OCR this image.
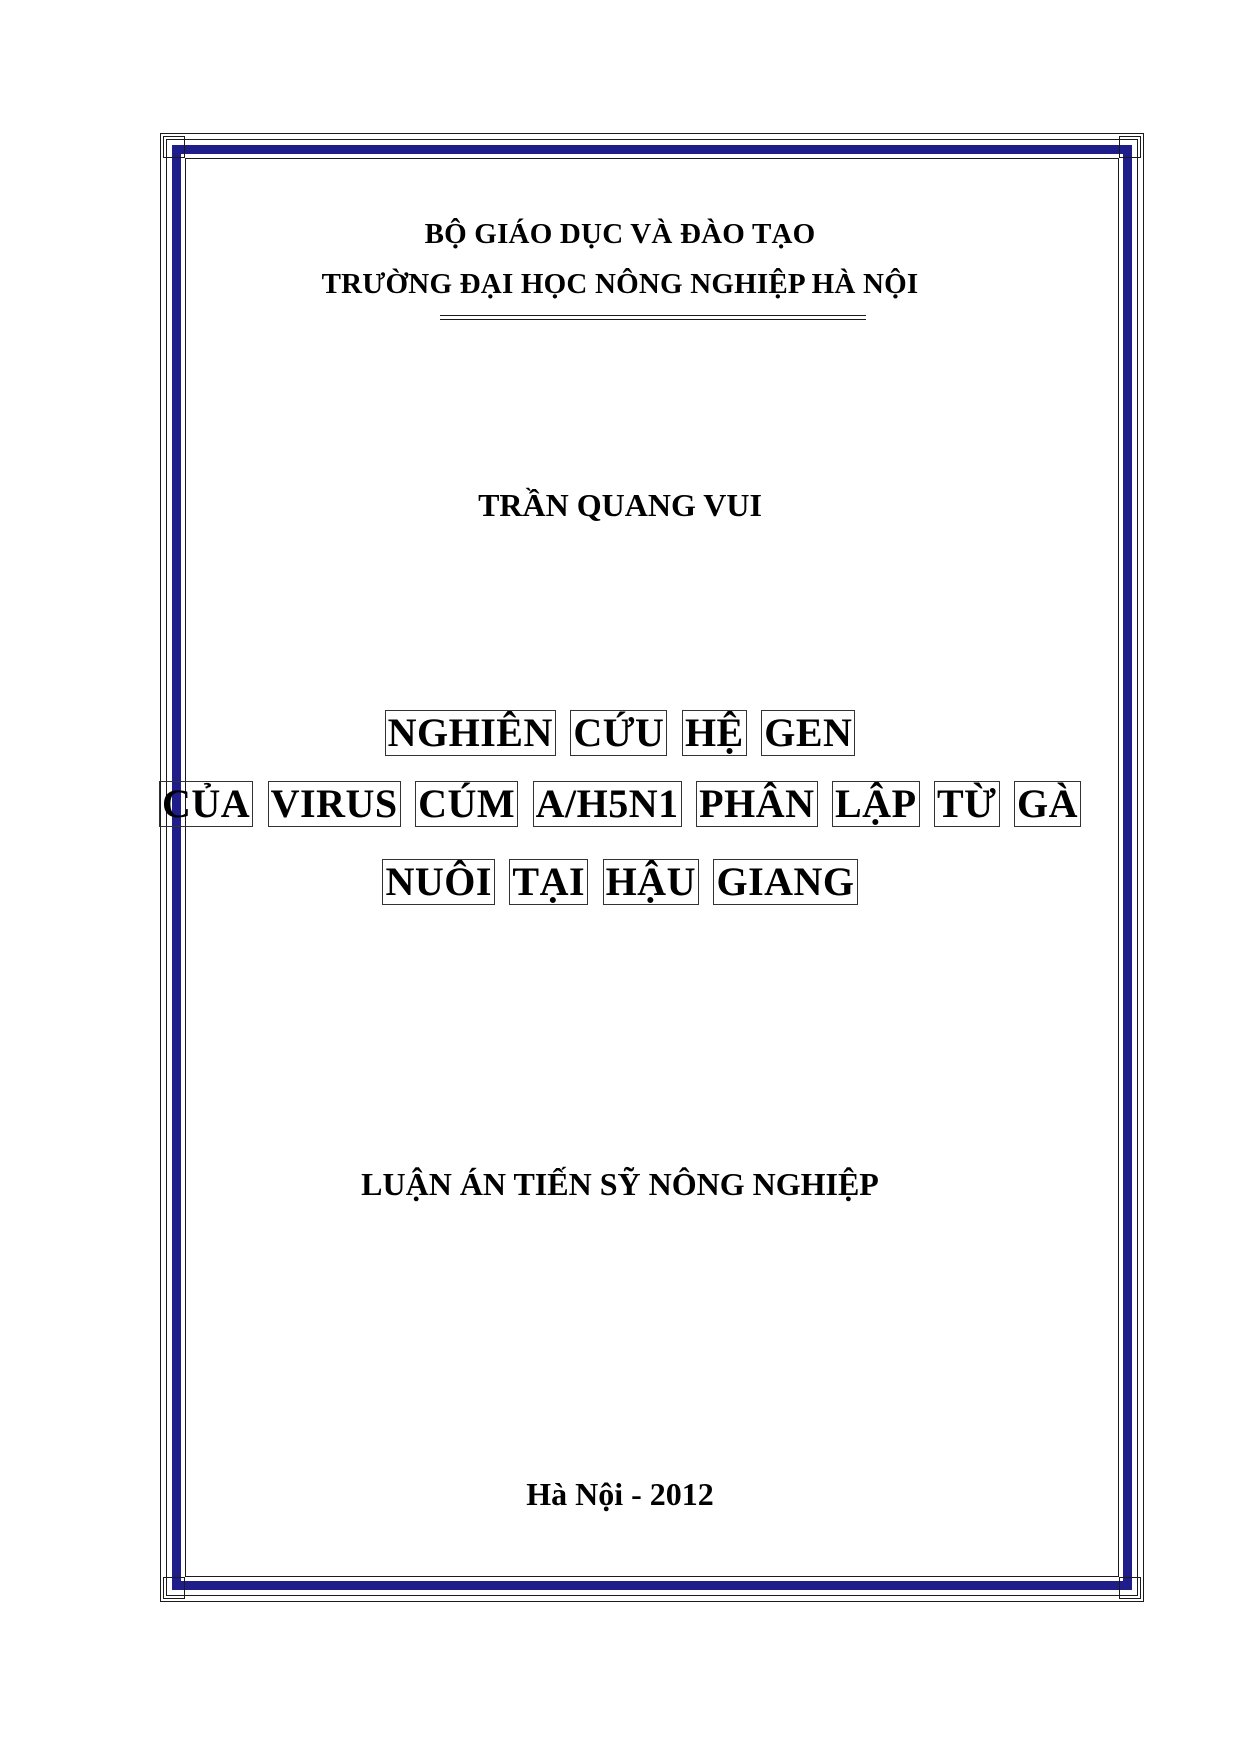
BỘ GIÁO DỤC VÀ ĐÀO TẠO
TRƯỜNG ĐẠI HỌC NÔNG NGHIỆP HÀ NỘI
TRẦN QUANG VUI
NGHIÊN CỨU HỆ GEN
CỦA VIRUS CÚM A/H5N1 PHÂN LẬP TỪ GÀ
NUÔI TẠI HẬU GIANG
LUẬN ÁN TIẾN SỸ NÔNG NGHIỆP
Hà Nội - 2012
